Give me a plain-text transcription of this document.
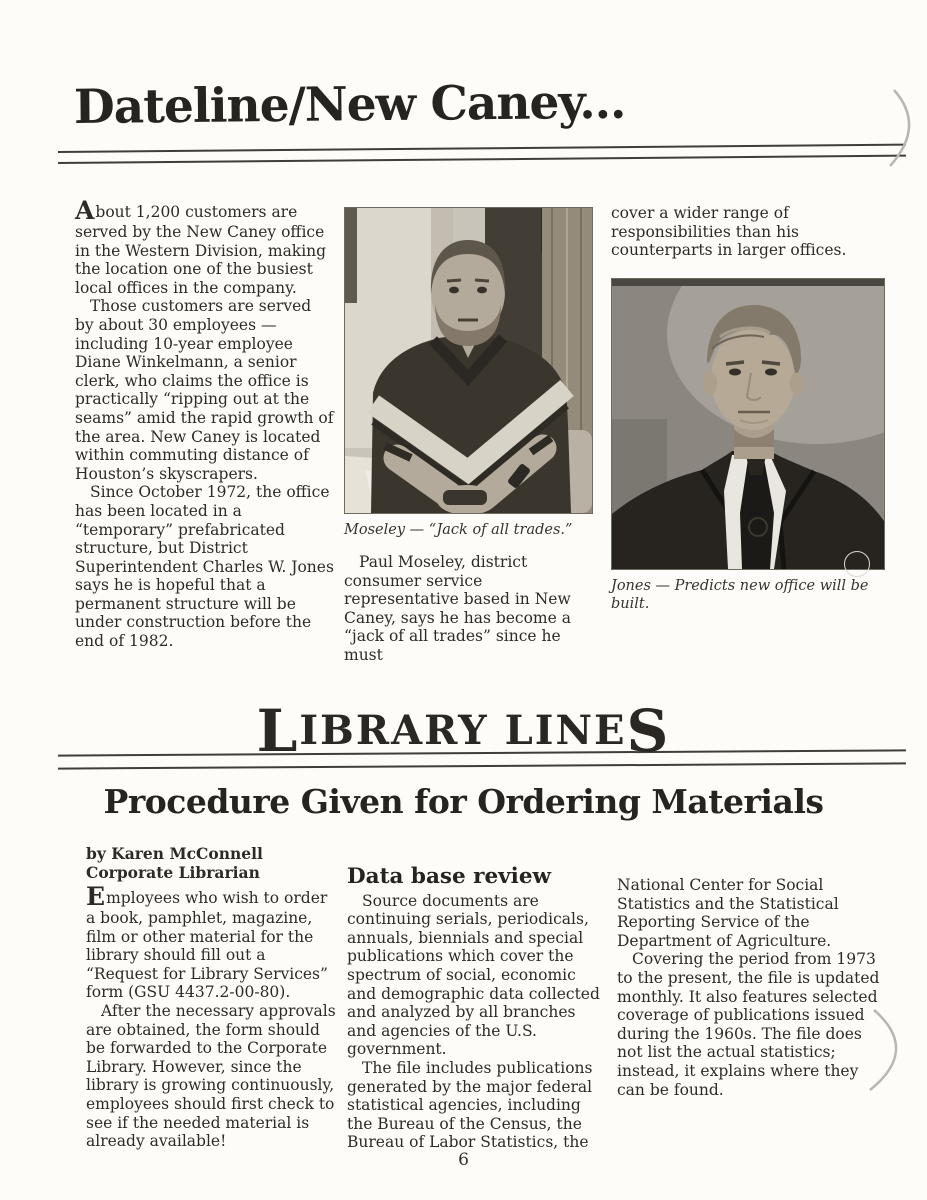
Dateline/New Caney...

About 1,200 customers are served by the New Caney office in the Western Division, making the location one of the busiest local offices in the company.

Those customers are served by about 30 employees — including 10-year employee Diane Winkelmann, a senior clerk, who claims the office is practically “ripping out at the seams” amid the rapid growth of the area. New Caney is located within commuting distance of Houston’s skyscrapers.

Since October 1972, the office has been located in a “temporary” prefabricated structure, but District Superintendent Charles W. Jones says he is hopeful that a permanent structure will be under construction before the end of 1982.

Moseley — “Jack of all trades.”

Paul Moseley, district consumer service representative based in New Caney, says he has become a “jack of all trades” since he must

cover a wider range of responsibilities than his counterparts in larger offices.

Jones — Predicts new office will be built.
LIBRARY LINES
Procedure Given for Ordering Materials
by Karen McConnell
Corporate Librarian

Employees who wish to order a book, pamphlet, magazine, film or other material for the library should fill out a “Request for Library Services” form (GSU 4437.2-00-80).

After the necessary approvals are obtained, the form should be forwarded to the Corporate Library. However, since the library is growing continuously, employees should first check to see if the needed material is already available!

Data base review

Source documents are continuing serials, periodicals, annuals, biennials and special publications which cover the spectrum of social, economic and demographic data collected and analyzed by all branches and agencies of the U.S. government.

The file includes publications generated by the major federal statistical agencies, including the Bureau of the Census, the Bureau of Labor Statistics, the

National Center for Social Statistics and the Statistical Reporting Service of the Department of Agriculture.

Covering the period from 1973 to the present, the file is updated monthly. It also features selected coverage of publications issued during the 1960s. The file does not list the actual statistics; instead, it explains where they can be found.

6
